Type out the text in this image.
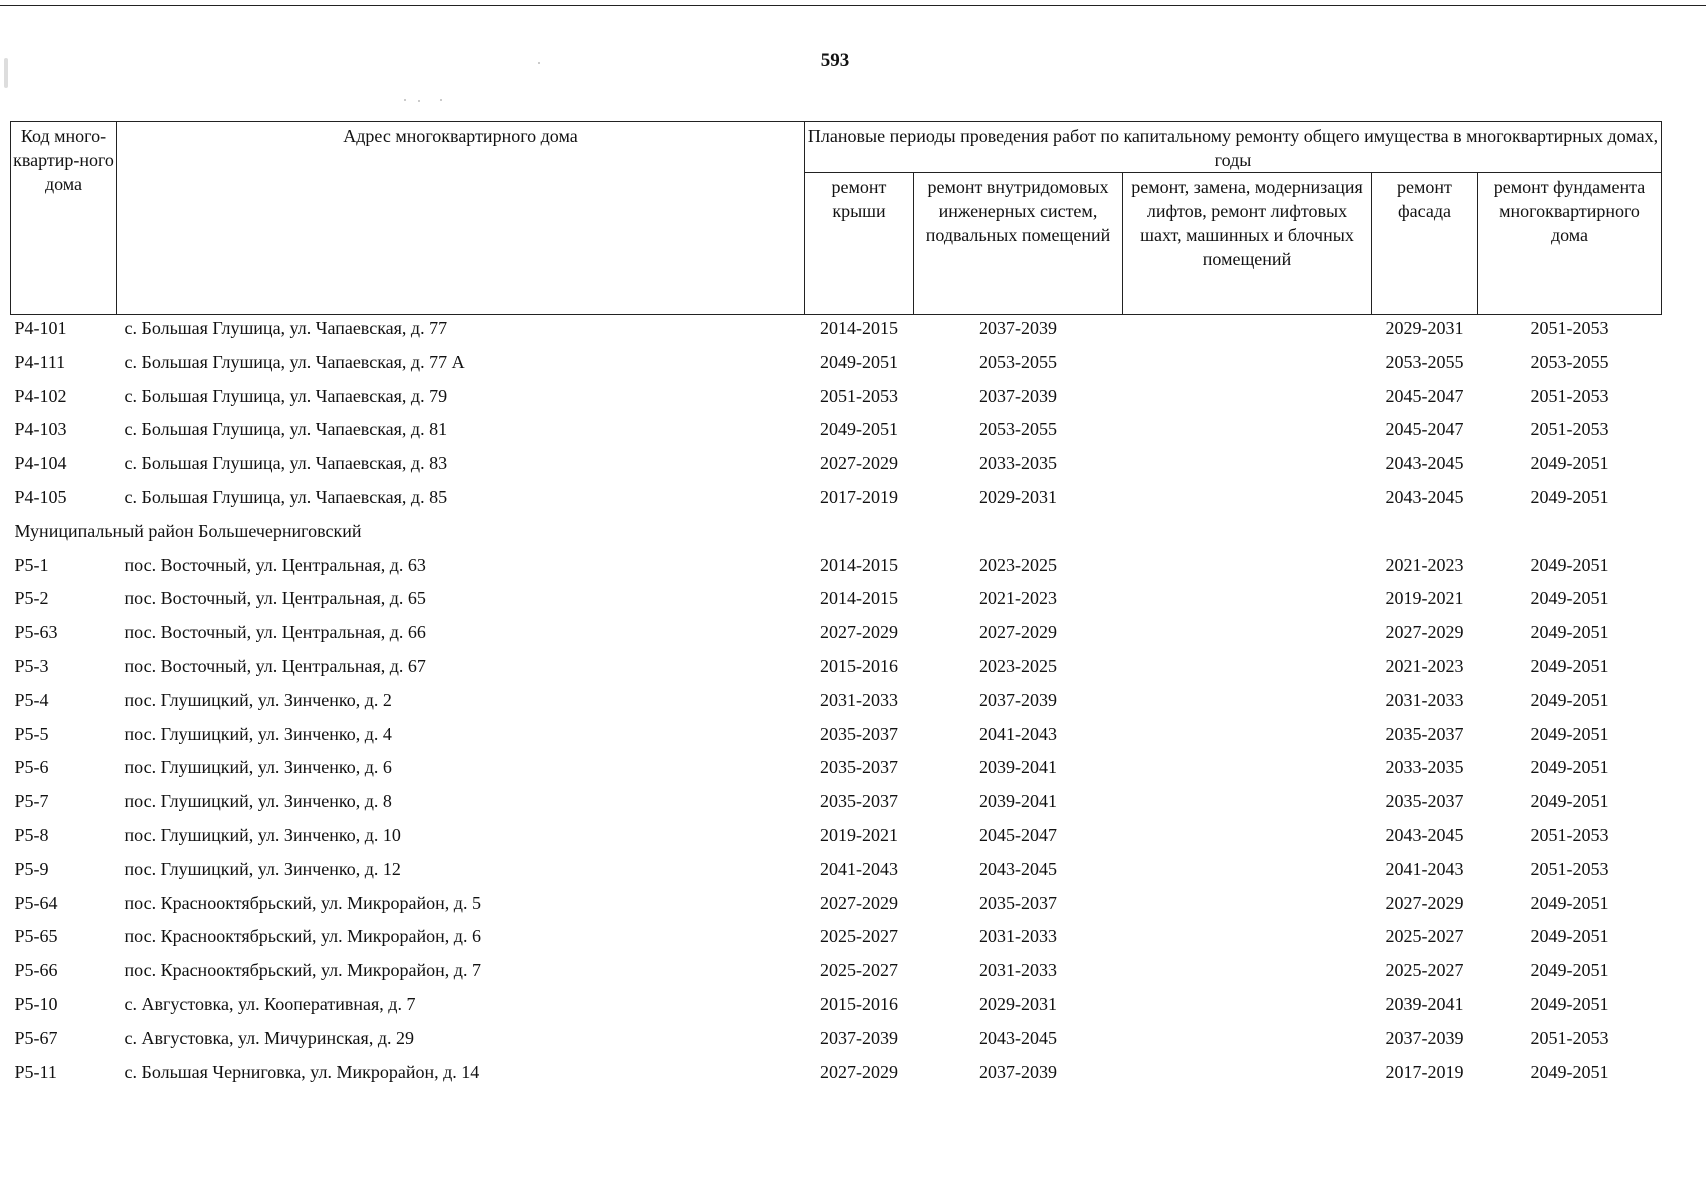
593
Код много-квартир-ного дома	Адрес многоквартирного дома	Плановые периоды проведения работ по капитальному ремонту общего имущества в многоквартирных домах, годы				
		ремонт крыши	ремонт внутридомовых инженерных систем, подвальных помещений	ремонт, замена, модернизация лифтов, ремонт лифтовых шахт, машинных и блочных помещений	ремонт фасада	ремонт фундамента многоквартирного дома
Р4-101	с. Большая Глушица, ул. Чапаевская, д. 77	2014-2015	2037-2039		2029-2031	2051-2053
Р4-111	с. Большая Глушица, ул. Чапаевская, д. 77 А	2049-2051	2053-2055		2053-2055	2053-2055
Р4-102	с. Большая Глушица, ул. Чапаевская, д. 79	2051-2053	2037-2039		2045-2047	2051-2053
Р4-103	с. Большая Глушица, ул. Чапаевская, д. 81	2049-2051	2053-2055		2045-2047	2051-2053
Р4-104	с. Большая Глушица, ул. Чапаевская, д. 83	2027-2029	2033-2035		2043-2045	2049-2051
Р4-105	с. Большая Глушица, ул. Чапаевская, д. 85	2017-2019	2029-2031		2043-2045	2049-2051
Муниципальный район Большечерниговский						
Р5-1	пос. Восточный, ул. Центральная, д. 63	2014-2015	2023-2025		2021-2023	2049-2051
Р5-2	пос. Восточный, ул. Центральная, д. 65	2014-2015	2021-2023		2019-2021	2049-2051
Р5-63	пос. Восточный, ул. Центральная, д. 66	2027-2029	2027-2029		2027-2029	2049-2051
Р5-3	пос. Восточный, ул. Центральная, д. 67	2015-2016	2023-2025		2021-2023	2049-2051
Р5-4	пос. Глушицкий, ул. Зинченко, д. 2	2031-2033	2037-2039		2031-2033	2049-2051
Р5-5	пос. Глушицкий, ул. Зинченко, д. 4	2035-2037	2041-2043		2035-2037	2049-2051
Р5-6	пос. Глушицкий, ул. Зинченко, д. 6	2035-2037	2039-2041		2033-2035	2049-2051
Р5-7	пос. Глушицкий, ул. Зинченко, д. 8	2035-2037	2039-2041		2035-2037	2049-2051
Р5-8	пос. Глушицкий, ул. Зинченко, д. 10	2019-2021	2045-2047		2043-2045	2051-2053
Р5-9	пос. Глушицкий, ул. Зинченко, д. 12	2041-2043	2043-2045		2041-2043	2051-2053
Р5-64	пос. Краснооктябрьский, ул. Микрорайон, д. 5	2027-2029	2035-2037		2027-2029	2049-2051
Р5-65	пос. Краснооктябрьский, ул. Микрорайон, д. 6	2025-2027	2031-2033		2025-2027	2049-2051
Р5-66	пос. Краснооктябрьский, ул. Микрорайон, д. 7	2025-2027	2031-2033		2025-2027	2049-2051
Р5-10	с. Августовка, ул. Кооперативная, д. 7	2015-2016	2029-2031		2039-2041	2049-2051
Р5-67	с. Августовка, ул. Мичуринская, д. 29	2037-2039	2043-2045		2037-2039	2051-2053
Р5-11	с. Большая Черниговка, ул. Микрорайон, д. 14	2027-2029	2037-2039		2017-2019	2049-2051
